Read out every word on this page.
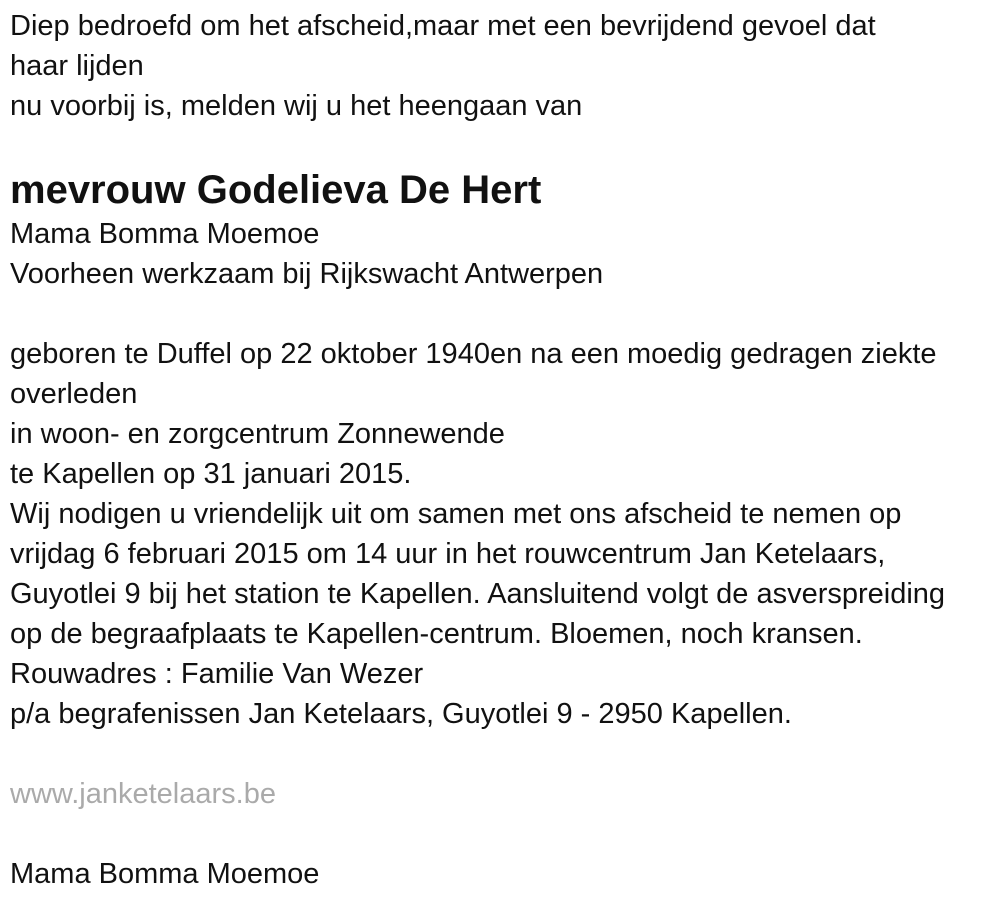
Diep bedroefd om het afscheid,maar met een bevrijdend gevoel dat
haar lijden
nu voorbij is, melden wij u het heengaan van
mevrouw Godelieva De Hert
Mama Bomma Moemoe
Voorheen werkzaam bij Rijkswacht Antwerpen
geboren te Duffel op 22 oktober 1940en na een moedig gedragen ziekte
overleden
in woon- en zorgcentrum Zonnewende
te Kapellen op 31 januari 2015.
Wij nodigen u vriendelijk uit om samen met ons afscheid te nemen op
vrijdag 6 februari 2015 om 14 uur in het rouwcentrum Jan Ketelaars,
Guyotlei 9 bij het station te Kapellen. Aansluitend volgt de asverspreiding
op de begraafplaats te Kapellen-centrum. Bloemen, noch kransen.
Rouwadres : Familie Van Wezer
p/a begrafenissen Jan Ketelaars, Guyotlei 9 - 2950 Kapellen.
www.janketelaars.be
Mama Bomma Moemoe
